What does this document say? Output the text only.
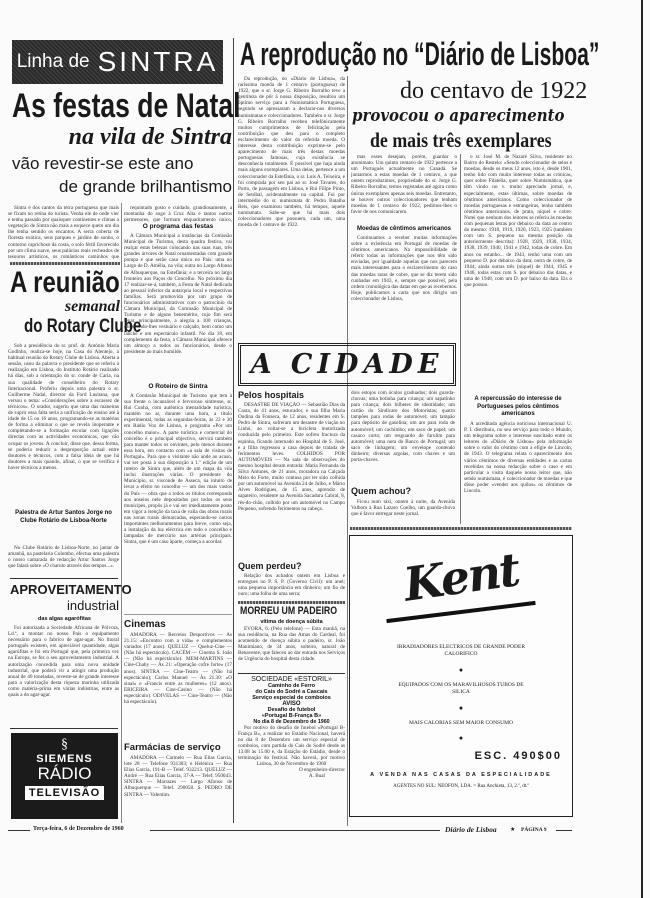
Linha de SINTRA
As festas de Natal
na vila de Sintra
vão revestir-se este ano
de grande brilhantismo

Sintra é dos cantos da terra portuguesa que mais se fixam no retina do turista. Venha ele de onde vier e tenha passado por quaisquer continentes e climas a vegetação de Sintra não mais a esquece quem um dia lhe tenha sentido os encantos. A serra coberta de floresta exótica, seus parques e jardins de sonho, o contorno caprichoso da costa, o solo fértil favorecido por um clima suave, seus palácios reais recheados de tesouros artísticos, os românticos caminhos que

requintado gosto e cuidado, grandiosamente, a montanha do sogo à Cruz Alta e tantos outros permenores, que formam enquadramento único,

O programa das festas

A Câmara Municipal a instâncias da Comissão Municipal de Turismo, desta quadra festiva, vai realçar estas belezas colocando nas suas ruas, três grandes árvores de Natal ornamentadas com grande pompa e que serão caso único no País: uma no Largo de D. Amélia, na vila; outra no Largo Afonso de Albuquerque, na Estefânia; e a terceira no largo fronteiro aos Paços do Concelho. No próximo dia 17 realizar-se-á, também, a Festa de Natal dedicada ao pessoal inferior da autarquia local e respectivas famílias. Será promovida por um grupo de funcionários administrativos com o patrocínio da Câmara Municipal, da Comissão Municipal de Turismo e de alguns benemérito, cujo fim será levar, principalmente, a alegria a 100 crianças, oferecendo-lhes vestuário e calçado, bem como um lanche e um espectáculo infantil. No dia 18, em complemento da festa, a Câmara Municipal oferece um almoço a todos os funcionários, desde o presidente ao mais humilde.

O Roteiro de Sintra

A Comissão Municipal de Turismo que tem à sua frente o incansável e fervoroso sintrense, sr. Rui Cunha, com autêntica mentalidade turística, mantém no ar, durante uma hora, a título experimental, todas as segundas-feiras, às 22 e 30 em Rádio Voz de Lisboa, o programa «Por um concelho maior». A parte turística e comercial do concelho é o principal objectivo, servirá também para manter todos os ouvintes, pelo menos durante essa hora, em contacto com «a sala de visitas de Portugal». Para que o visitante não ande ao acaso, vai ser posta à sua disposição a 1.ª edição de um roteiro de Sintra que, além de um mapa da vila inclui ilustrações várias. O presidente do Município, sr. visconde de Asseca, na intuito de levar a efeito no concelho — um dos mais vastos do País — obra que a todos os títulos corresponda aos anseios nele depositados por todos os seus munícipes, propôs já e vai ser imediatamente posto em vigor a isenção da taxa de valia das obras rurais nas zonas rurais demarcadas, esperando-se outros importantes melhoramentos para breve, como seja, a instalação da luz eléctrica em todo o concelho e lampadas de mercúrio nas artérias principais. Sintra, que é um caso àparte, começa a acordar.

A reunião
semanal
do Rotary Clube

Sob a presidência do sr. prof. dr. António Maria Godinho, realiza-se hoje, na Casa do Alentejo, a habitual reunião do Rotary Clube de Lisboa. Aberta a sessão, usou da palavra o presidente que se referiu à realização em Lisboa, do Instituto Rotário realizado há dias, sob a orientação do sr. conde de Caria, na sua qualidade de conselheiro do Rotary Internacional. Proferiu depois uma palestra o sr. Guilherme Nadal, director da Ford Lusitana, que versou o tema: «Considerações sobre a escassez de técnicos». O orador, sugeriu que uma das maneiras de suprir essa falta seria a unificação do ensino até à idade de 15 ou 16 anos, programando-se as matérias de forma a eliminar o que se revela inoperante e completando-se a formação escolar com ligações directas com as actividades económicas, que vão ocupar os jovens. A concluir, disse que, dessa forma, se poderia reduzir a desproporção actual entre doutores e técnicos, com a falsa ideia de que há doutores a mais quando, afinal, o que se verifica é haver técnicos a menos.

Palestra de Artur Santos Jorge no Clube Rotário de Lisboa-Norte

No Clube Rotário de Lisboa-Norte, no jantar de amanhã, na pastelaria Colombo, efectua uma palestra o nosso camarada de redacção Artur Santos Jorge que falará sobre «O charuto através dos tempos...».

APROVEITAMENTO
industrial
das algas agarófitas

Foi autorizada a Sociedade Africana de Pólvora, Ld.ª, a montar no nosso País o equipamento necessário para o fabrico de agar-agar. No litoral português existem, em apreciável quantidade, algas agarófitas e foi em Portugal que, pela primeira vez na Europa, se fez o seu aproveitamento industrial. A autorização concedida para uma nova unidade industrial, que poderá vir a atingir uma produção anual de 40 toneladas, reveste-se de grande interesse para a valorização desta riqueza marinha utilizada como matéria-prima em várias indústrias, entre as quais a do agar-agar.

§
SIEMENS
RÁDIO
TELEVISÃO
Cinemas

AMADORA — Recreios Desportivos — Às 21.15: «Encontro com a vida» e complementos variados (17 anos). QUELUZ — Queluz-Cine — (Não há espectáculo). CACÉM — Cinema S. João — (Não há espectáculo). MEM-MARTINS — Cine-Chaby — Às 21: «Operação cofre forte» (17 anos). SINTRA — Cine-Teatro — (Não há espectáculo); Carlos Manuel — Às 21.30: «O sinal» e «Francis entre as mulheres» (12 anos). ERICEIRA — Cine-Casino — (Não há espectáculo). ODIVELAS — Cine-Teatro — (Não há espectáculo).

Farmácias de serviço

AMADORA — Carmelo — Rua Elias Garcia, lote 28 — Telefone 931303; e Helénica — Rua Elias Garcia, 191-B — Telef. 932213. QUELUZ — André — Rua Elias Garcia, 37-A — Telef. 950043. SINTRA — Marrazes — Largo Afonso de Albuquerque — Telef. 290058. S. PEDRO DE SINTRA — Valentim.

A reprodução no “Diário de Lisboa”
do centavo de 1922
provocou o aparecimento
de mais três exemplares

Da reprodução, no «Diário de Lisboa», da raríssima moeda de 1 centavo (portuguesa) de 1922, que o sr. Jorge G. Ribeiro Borralho teve a gentileza de pôr à nossa disposição, resultou um óptimo serviço para a Numismática Portuguesa, segundo se apressaram a declarar-nos diversos numismatas e coleccionadores. Também o sr. Jorge G. Ribeiro Borralho recebeu telefónicamente muitos cumprimentos de felicitação pela contribuição que deu para o completo esclarecimento do valor da referida moeda. O interesse desta contribuição exprime-se pelo aparecimento de mais três destas moedas portuguesas famosas, cuja existência se desconhecia totalmente. É possível que haja ainda mais alguns exemplares. Uma delas, pertence a um coleccionador da Estefânia, o sr. Luís A. Teixeira, e foi comprada por seu pai ao sr. José Tavares, do Porto, de passagem em Lisboa, e Rui Filipe Pinto, de Setúbal, acidentalmente na capital. Foi por intermédio do sr. numismata dr. Pedro Batalha Reis, que examinou também, há tempos, aquele numismata. Sabe-se que há mais dois coleccionadores que possuem, cada um, uma moeda de 1 centavo de 1922.

mas esses desejam, porém, guardar o anonimato. Um quinto centavo de 1922 pertence a um Português actualmente no Canadá. Se juntarmos a estas moedas de 1 centavo, a que ontem reproduzimos, propriedade do sr. Jorge G. Ribeiro Borralho, temos registadas até agora como únicas exemplares apenas seis moedas. Entretanto, se houver outros coleccionadores que tenham moedas de 1 centavo de 1922, pedimos-lhes o favor de nos comunicarem.

Moedas de cêntimos americanos

Continuamos a receber muitas informações sobre a existência em Portugal de moedas de cêntimos americanos. Na impossibilidade de referir todas as informações que nos têm sido enviadas, por igualdade aquelas que nos parecem mais interessantes para o esclarecimento do caso das moedas raras de cobre, que se diz terem sido cunhadas em 1943, e, sempre que possível, pela ordem cronológica das datas em que as recebemos. Hoje, publicamos a carta que nos dirigiu um coleccionador de Lisboa,

o sr. José M. de Nazaré Silva, residente no Bairro do Restelo: «Sendo coleccionador de selos e moedas, desde os meus 12 anos, isto é, desde 1901, tenho lido com muito interesse todas as crónicas, quer sobre Filatelia, quer sobre Numismática, que têm vindo no v. muito apreciado jornal, e, especialmente, estas últimas, sobre moedas de cêntimos americanos. Como coleccionador de moedas portuguesas e estrangeiras, tenho também cêntimos americanos, de prata, níquel e cobre. Notei que nenhum dos leitores se referiu às moedas com pequenas letras por debaixo da data ao centro do mesmo: 1918, 1919, 1920, 1923, 1925 (também com um S. pequeno na mesma posição da anteriormente descrita): 1928, 1929, 1930, 1934, 1938, 1939, 1940, 1941 e 1942, todas de cobre. Em anos ou estanho... de 1943, tenho uma com um pequeno D. por debaixo da data; outra de cobre, de 1944; ainda outras três (níquel) de 1944, 1945 e 1946, todas estas com S. por debaixo das datas, e uma de 1948, com um D. por baixo da data. Eis o que possuo.

A CIDADE
Pelos hospitais

DESASTRE DE VIAÇÃO — Sebastião Dias da Costa, de 41 anos, estucador, e sua filha Maria Ondina da Fonseca, de 12 anos, residentes em S. Pedro de Sintra, sofreram um desastre de viação no Linhó, ao voltar-se a bicicleta motorizada conduzida pelo primeiro. Este sofreu fractura da espinha, ficando internado no Hospital de S. José, e a filha regressou a casa depois de tratada de ferimentos leves. COLHIDOS POR AUTOMÓVEIS — Na sala de observações do mesmo hospital deram entrada: Maria Fernanda da Silva Antunes, de 21 anos, moradora na Calçada Meio do Forte, muito contusa por ter sido colhida por um automóvel na Avenida 24 de Julho, e Mário Alves Rodrigues, de 15 anos, aprendiz de sapateiro, residente na Avenida Sacadura Cabral, 8, rés-do-chão, colhido por um automóvel no Campo Pequeno, sofrendo ferimentos na cabeça.

dois estojos com óculos graduados; dois guarda-chuvas; uma botinha para criança; um sapatinho para criança; dois bilhetes de identidade; um cartão do Sindicato dos Motoristas; quatro tampões para rodas de automóvel; um tampão para depósito de gasolina; um aro para roda de automóvel; um cachimbo; um saco de papel; um casaco curto; um resguardo de farolim para automóvel; uma nota do Banco de Portugal; um saco de linhagem; um envelope contendo dinheiro; diversas argolas, com chaves e um porta-chaves.

Quem achou?

Ficou num táxi, ontem à noite, da Avenida Valbom à Rua Lazaro Coelho, um guarda-chuva que é favor entregar neste jornal.

A repercussão do interesse de Portugueses pelos cêntimos americanos

A acreditada agência noticiosa internacional U. P. I. distribuiu, no seu serviço para todo o Mundo, um telegrama sobre o interesse suscitado entre os leitores do «Diário de Lisboa» pela informação sobre o valor do cêntimo com a efígie de Lincoln, de 1943. O telegrama relata o aparecimento dos vários cêntimos de diversas entidades e as cartas recebidas na nossa redacção sobre o caso e em particular a visita daquele nosso leitor que, não sendo numismata, é coleccionador de moedas e que disse poder «vender aos quilos» os cêntimos de Lincoln.

Quem perdeu?

Relação dos achados ontem em Lisboa e entregues no P. S. P. (Governo Civil): um anel; uma pequena importância em dinheiro; um fio de ouro; uma folha de uma serra;

MORREU UM PADEIRO
vítima de doença súbita

ÉVORA, 6. (Pelo telefone) — Esta manhã, na sua residência, na Rua das Amas do Cardeal, foi acometido de doença súbita o padeiro, sr. João Manimiano, de 34 anos, solteiro, natural de Benavente, que faleceu ao dar entrada nos Serviços de Urgência do hospital desta cidade.

SOCIEDADE «ESTORIL»
Caminho de Ferro
do Cais do Sodré a Cascais
Serviço especial de comboios
AVISO
Desafio de futebol
«Portugal B-França B»
No dia 8 de Dezembro de 1960

Por motivo do desafio de futebol «Portugal B-França B», a realizar no Estádio Nacional, haverá no dia 8 de Dezembro um serviço especial de comboios, com partida do Cais do Sodré desde as 13.08 às 15.00 e, da Estação do Estádio, desde o terminação do festival. Não haverá, por motivo

Lisboa, 30 de Novembro de 1960
O engenheiro-director
A. Bual
Kent
IRRADIADORES ELECTRICOS DE GRANDE PODER CALORIFICO
●
EQUIPADOS COM OS MARAVILHOSOS TUBOS DE SILICA
●
MAIS CALORIAS SEM MAIOR CONSUMO
●
ESC. 490$00
A VENDA NAS CASAS DA ESPECIALIDADE
AGENTES NO SUL: NEOFON, LDA. = Rua Anchieta, 13, 2.º, dt.º
Terça-feira, 6 de Dezembro de 1960	Diário de Lisboa ★ PÁGINA 9
